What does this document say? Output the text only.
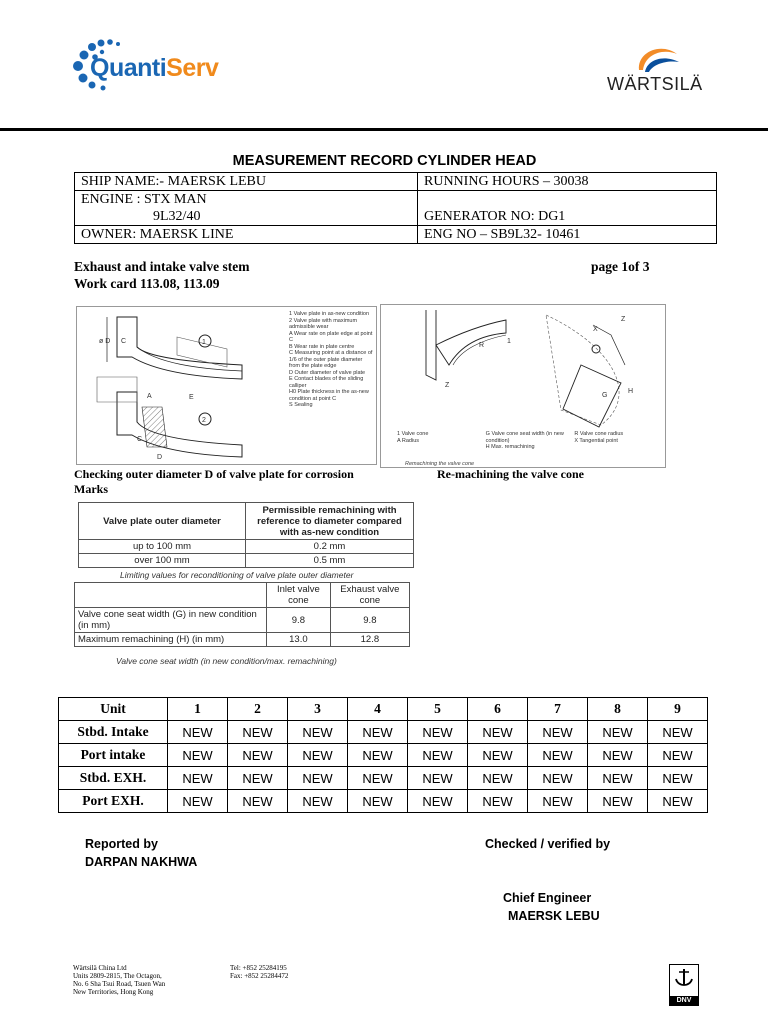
QuantiServ
WÄRTSILÄ
MEASUREMENT RECORD CYLINDER HEAD
SHIP NAME:- MAERSK LEBU	RUNNING HOURS – 30038

ENGINE : STX MAN
9L32/40	GENERATOR NO: DG1
OWNER: MAERSK LINE	ENG NO – SB9L32- 10461
Exhaust and intake valve stem	page 1of 3
Work card 113.08, 113.09
1
ø D C
2
E
A
C
D
1 Valve plate in as-new condition
2 Valve plate with maximum admissible wear
A Wear rate on plate edge at point C
B Wear rate in plate centre
C Measuring point at a distance of 1/6 of the outer plate diameter from the plate edge
D Outer diameter of valve plate
E Contact blades of the sliding calliper
H0 Plate thickness in the as-new condition at point C
S Sealing
R
1
Z
X
Z
G
H
1 Valve cone
A Radius
G Valve cone seat width (in new condition)
H Max. remachining
R Valve cone radius
X Tangential point
Remachining the valve cone
Checking outer diameter D of valve plate for corrosion Marks
Re-machining the valve cone
Valve plate outer diameter	Permissible remachining with reference to diameter compared with as-new condition
up to 100 mm	0.2 mm
over 100 mm	0.5 mm
Limiting values for reconditioning of valve plate outer diameter
	Inlet valve cone	Exhaust valve cone
Valve cone seat width (G) in new condition (in mm)	9.8	9.8
Maximum remachining (H) (in mm)	13.0	12.8
Valve cone seat width (in new condition/max. remachining)
Unit	1	2	3	4	5	6	7	8	9
Stbd. Intake	NEW	NEW	NEW	NEW	NEW	NEW	NEW	NEW	NEW
Port intake	NEW	NEW	NEW	NEW	NEW	NEW	NEW	NEW	NEW
Stbd. EXH.	NEW	NEW	NEW	NEW	NEW	NEW	NEW	NEW	NEW
Port EXH.	NEW	NEW	NEW	NEW	NEW	NEW	NEW	NEW	NEW
Reported by
DARPAN NAKHWA
Checked / verified by
Chief Engineer
MAERSK LEBU
Wärtsilä China Ltd
Units 2809-2815, The Octagon,
No. 6 Sha Tsui Road, Tsuen Wan
New Territories, Hong Kong
Tel: +852 25284195
Fax: +852 25284472
DNV
